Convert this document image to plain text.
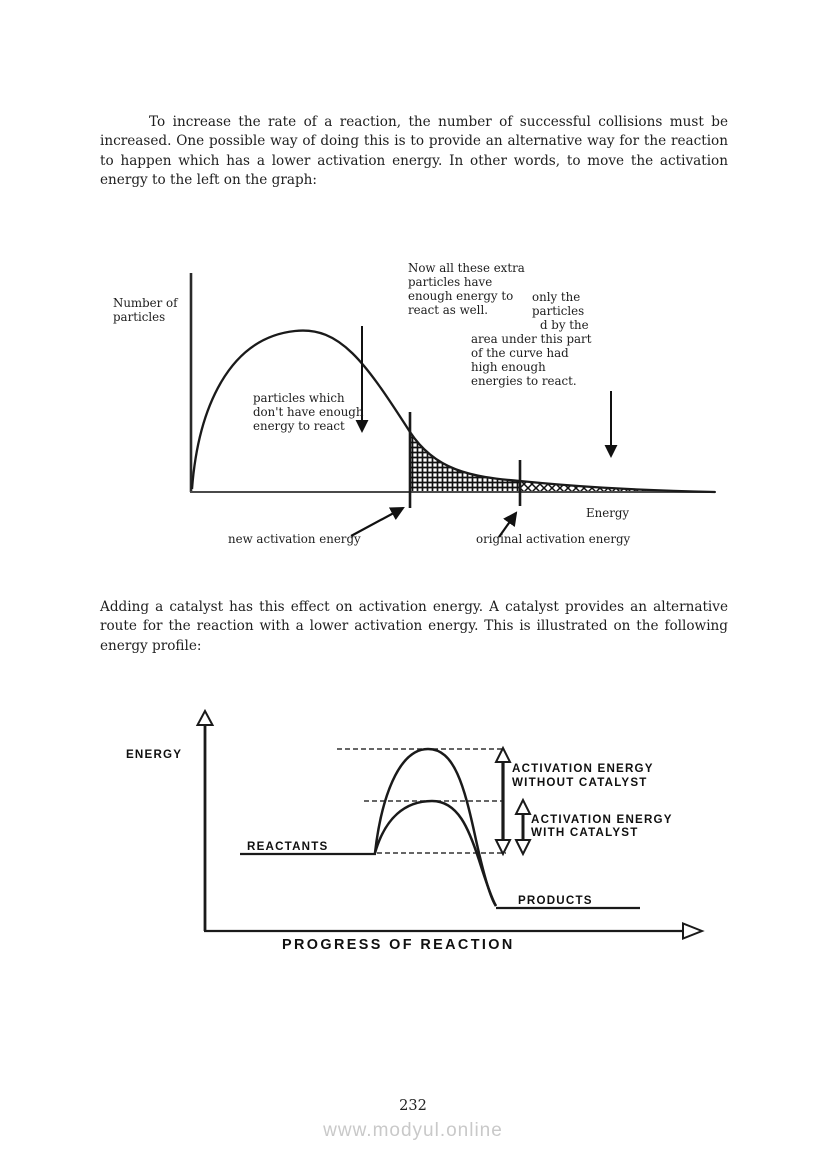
To increase the rate of a reaction, the number of successful collisions must be increased. One possible way of doing this is to provide an alternative way for the reaction to happen which has a lower activation energy. In other words, to move the activation energy to the left on the graph:

Number of
particles
Now all these extra
particles have
enough energy to
react as well.
only the
particles
d by the
area under this part
of the curve had
high enough
energies to react.
particles which
don't have enough
energy to react
Energy
new activation energy	original activation energy

Adding a catalyst has this effect on activation energy. A catalyst provides an alternative route for the reaction with a lower activation energy. This is illustrated on the following energy profile:

ENERGY
REACTANTS
PRODUCTS
ACTIVATION ENERGY
WITHOUT CATALYST
ACTIVATION ENERGY
WITH CATALYST
PROGRESS OF REACTION
232
www.modyul.online
